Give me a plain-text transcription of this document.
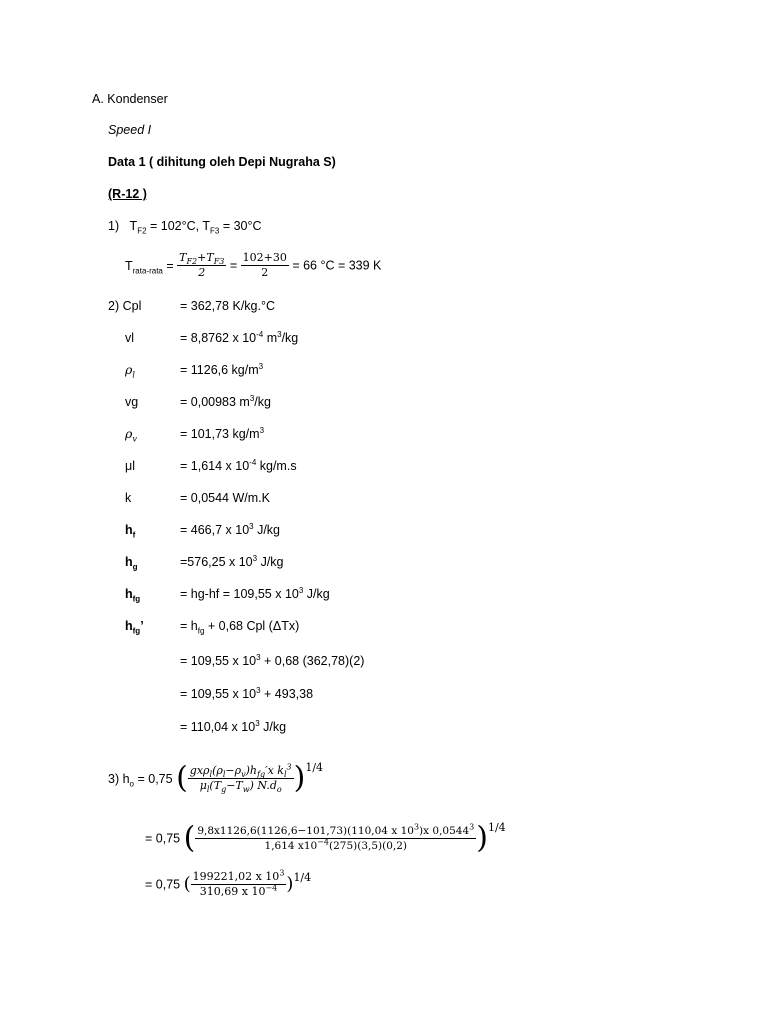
A. Kondenser
Speed I
Data 1 ( dihitung oleh Depi Nugraha S)
(R-12 )
1) $T_{F2} = 102^\circ C$, $T_{F3} = 30^\circ C$
$T_{rata-rata} = \frac{T_{F2}+T_{F3}}{2} = \frac{102+30}{2} = 66$ °C = 339 K
2) Cpl	= 362,78 K/kg.°C
vl	= 8,8762 x $10^{-4}$ $m^3/kg$
$\rho_l$	= 1126,6 $kg/m^3$
vg	= 0,00983 $m^3/kg$
$\rho_v$	= 101,73 $kg/m^3$
μl	= 1,614 x $10^{-4}$ kg/m.s
k	= 0,0544 W/m.K
$h_f$	= 466,7 x $10^3$ J/kg
$h_g$	=576,25 x $10^3$ J/kg
$h_{fg}$	= hg-hf = 109,55 x $10^3$ J/kg
$h_{fg}$’	= $h_{fg} + 0,68$ Cpl (ΔTx)
= 109,55 x $10^3 + 0,68$ (362,78)(2)
= 109,55 x $10^3 + 493,38$
= 110,04 x $10^3$ J/kg
3) $h_o = 0,75$ ( $\frac{gx\rho_l(\rho_l-\rho_v)h_{fg}'x k_l^3}{\mu_l(T_g-T_w) N.d_o} )1/4$
= 0,75 ( $\frac{9,8x1126,6(1126,6-101,73)(110,04 x 10^3)x 0,0544^3}{1,614 x10^{-4}(275)(3,5)(0,2)} )1/4$
= 0,75 ( $\frac{199221,02 x 10^3}{310,69 x 10^{-4}} )1/4$
